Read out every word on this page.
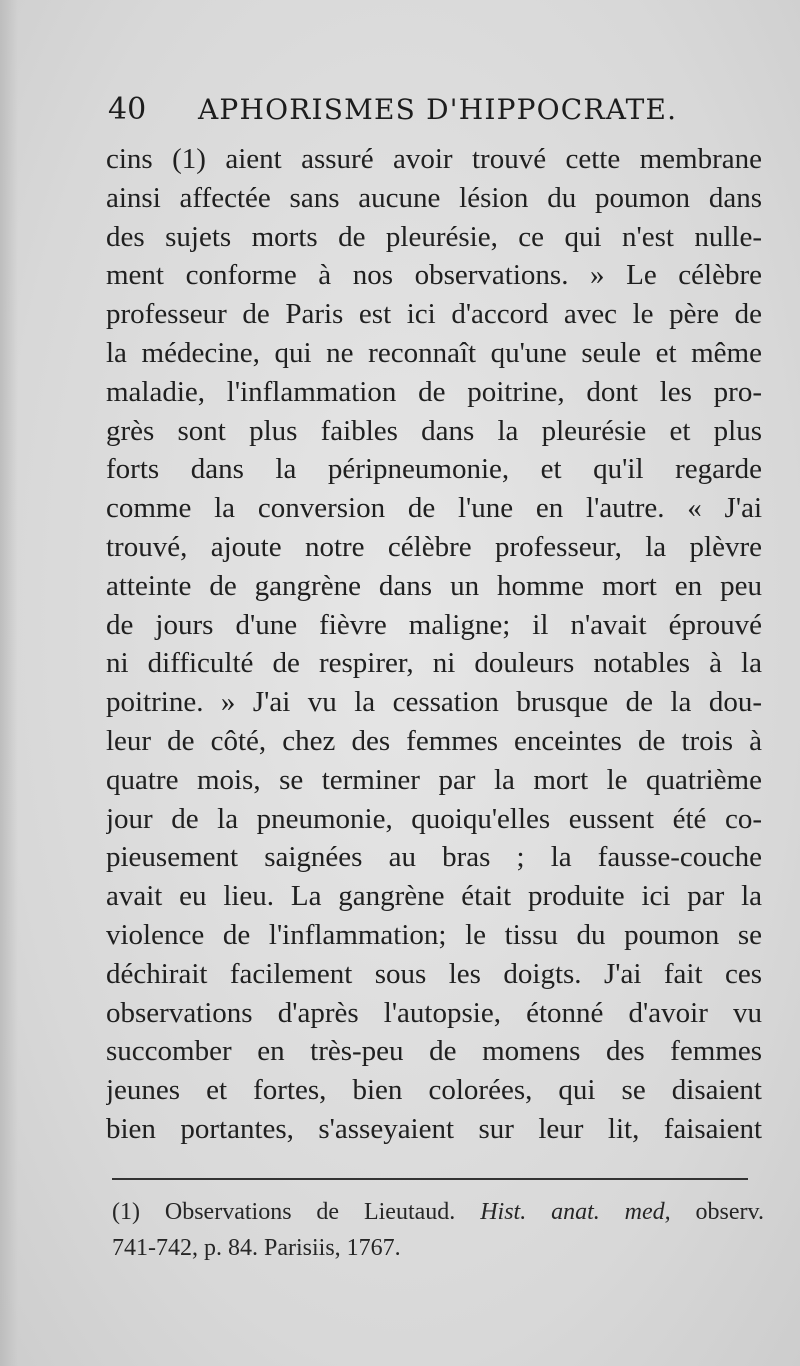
40 APHORISMES D'HIPPOCRATE.
cins (1) aient assuré avoir trouvé cette membrane
ainsi affectée sans aucune lésion du poumon dans
des sujets morts de pleurésie, ce qui n'est nulle-
ment conforme à nos observations. » Le célèbre
professeur de Paris est ici d'accord avec le père de
la médecine, qui ne reconnaît qu'une seule et même
maladie, l'inflammation de poitrine, dont les pro-
grès sont plus faibles dans la pleurésie et plus
forts dans la péripneumonie, et qu'il regarde
comme la conversion de l'une en l'autre. « J'ai
trouvé, ajoute notre célèbre professeur, la plèvre
atteinte de gangrène dans un homme mort en peu
de jours d'une fièvre maligne; il n'avait éprouvé
ni difficulté de respirer, ni douleurs notables à la
poitrine. » J'ai vu la cessation brusque de la dou-
leur de côté, chez des femmes enceintes de trois à
quatre mois, se terminer par la mort le quatrième
jour de la pneumonie, quoiqu'elles eussent été co-
pieusement saignées au bras ; la fausse-couche
avait eu lieu. La gangrène était produite ici par la
violence de l'inflammation; le tissu du poumon se
déchirait facilement sous les doigts. J'ai fait ces
observations d'après l'autopsie, étonné d'avoir vu
succomber en très-peu de momens des femmes
jeunes et fortes, bien colorées, qui se disaient
bien portantes, s'asseyaient sur leur lit, faisaient
(1) Observations de Lieutaud. Hist. anat. med, observ.
741-742, p. 84. Parisiis, 1767.
